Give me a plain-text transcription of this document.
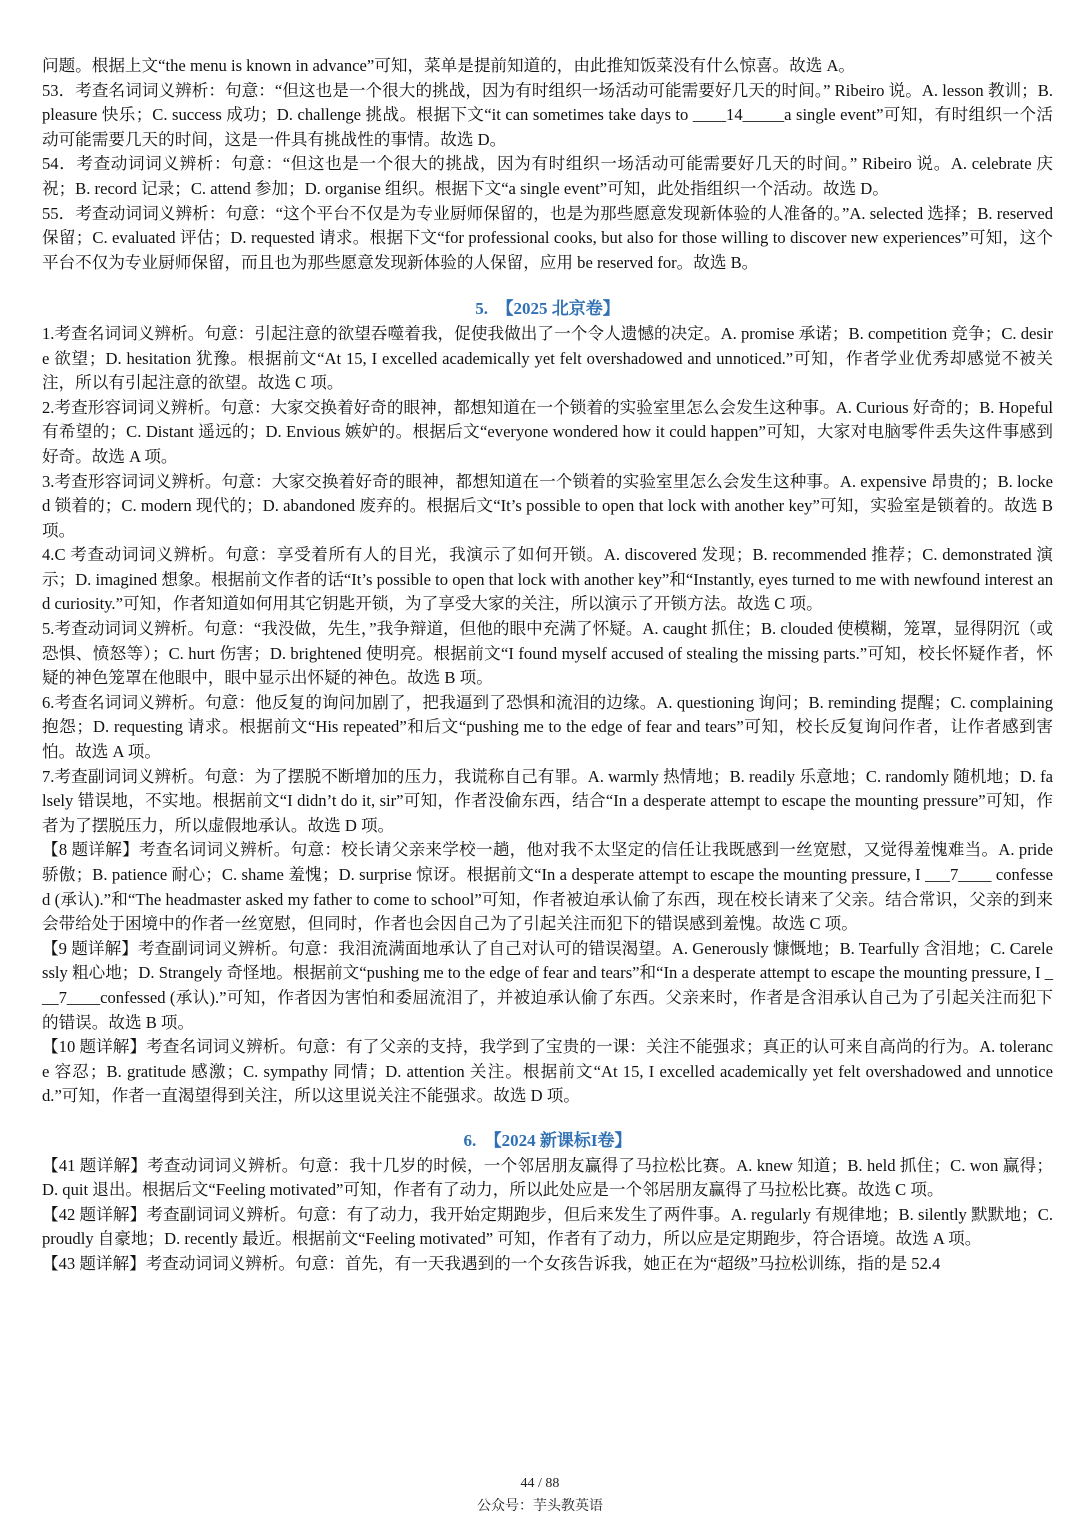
问题。根据上文“the menu is known in advance”可知，菜单是提前知道的，由此推知饭菜没有什么惊喜。故选 A。

53．考查名词词义辨析：句意：“但这也是一个很大的挑战，因为有时组织一场活动可能需要好几天的时间。” Ribeiro 说。A. lesson 教训；B. pleasure 快乐；C. success 成功；D. challenge 挑战。根据下文“it can sometimes take days to ____14_____a single event”可知，有时组织一个活动可能需要几天的时间，这是一件具有挑战性的事情。故选 D。

54．考查动词词义辨析：句意：“但这也是一个很大的挑战，因为有时组织一场活动可能需要好几天的时间。” Ribeiro 说。A. celebrate 庆祝；B. record 记录；C. attend 参加；D. organise 组织。根据下文“a single event”可知，此处指组织一个活动。故选 D。

55．考查动词词义辨析：句意：“这个平台不仅是为专业厨师保留的，也是为那些愿意发现新体验的人准备的。”A. selected 选择；B. reserved 保留；C. evaluated 评估；D. requested 请求。根据下文“for professional cooks, but also for those willing to discover new experiences”可知，这个平台不仅为专业厨师保留，而且也为那些愿意发现新体验的人保留，应用 be reserved for。故选 B。

5.　【2025 北京卷】

1.考查名词词义辨析。句意：引起注意的欲望吞噬着我，促使我做出了一个令人遗憾的决定。A. promise 承诺；B. competition 竞争；C. desire 欲望；D. hesitation 犹豫。根据前文“At 15, I excelled academically yet felt overshadowed and unnoticed.”可知，作者学业优秀却感觉不被关注，所以有引起注意的欲望。故选 C 项。

2.考查形容词词义辨析。句意：大家交换着好奇的眼神，都想知道在一个锁着的实验室里怎么会发生这种事。A. Curious 好奇的；B. Hopeful 有希望的；C. Distant 遥远的；D. Envious 嫉妒的。根据后文“everyone wondered how it could happen”可知，大家对电脑零件丢失这件事感到好奇。故选 A 项。

3.考查形容词词义辨析。句意：大家交换着好奇的眼神，都想知道在一个锁着的实验室里怎么会发生这种事。A. expensive 昂贵的；B. locked 锁着的；C. modern 现代的；D. abandoned 废弃的。根据后文“It’s possible to open that lock with another key”可知，实验室是锁着的。故选 B 项。

4.C 考查动词词义辨析。句意：享受着所有人的目光，我演示了如何开锁。A. discovered 发现；B. recommended 推荐；C. demonstrated 演示；D. imagined 想象。根据前文作者的话“It’s possible to open that lock with another key”和“Instantly, eyes turned to me with newfound interest and curiosity.”可知，作者知道如何用其它钥匙开锁，为了享受大家的关注，所以演示了开锁方法。故选 C 项。

5.考查动词词义辨析。句意：“我没做，先生，”我争辩道，但他的眼中充满了怀疑。A. caught 抓住；B. clouded 使模糊，笼罩，显得阴沉（或恐惧、愤怒等）；C. hurt 伤害；D. brightened 使明亮。根据前文“I found myself accused of stealing the missing parts.”可知，校长怀疑作者，怀疑的神色笼罩在他眼中，眼中显示出怀疑的神色。故选 B 项。

6.考查名词词义辨析。句意：他反复的询问加剧了，把我逼到了恐惧和流泪的边缘。A. questioning 询问；B. reminding 提醒；C. complaining 抱怨；D. requesting 请求。根据前文“His repeated”和后文“pushing me to the edge of fear and tears”可知，校长反复询问作者，让作者感到害怕。故选 A 项。

7.考查副词词义辨析。句意：为了摆脱不断增加的压力，我谎称自己有罪。A. warmly 热情地；B. readily 乐意地；C. randomly 随机地；D. falsely 错误地，不实地。根据前文“I didn’t do it, sir”可知，作者没偷东西，结合“In a desperate attempt to escape the mounting pressure”可知，作者为了摆脱压力，所以虚假地承认。故选 D 项。

【8 题详解】考查名词词义辨析。句意：校长请父亲来学校一趟，他对我不太坚定的信任让我既感到一丝宽慰，又觉得羞愧难当。A. pride 骄傲；B. patience 耐心；C. shame 羞愧；D. surprise 惊讶。根据前文“In a desperate attempt to escape the mounting pressure, I ___7____ confessed (承认).”和“The headmaster asked my father to come to school”可知，作者被迫承认偷了东西，现在校长请来了父亲。结合常识，父亲的到来会带给处于困境中的作者一丝宽慰，但同时，作者也会因自己为了引起关注而犯下的错误感到羞愧。故选 C 项。

【9 题详解】考查副词词义辨析。句意：我泪流满面地承认了自己对认可的错误渴望。A. Generously 慷慨地；B. Tearfully 含泪地；C. Carelessly 粗心地；D. Strangely 奇怪地。根据前文“pushing me to the edge of fear and tears”和“In a desperate attempt to escape the mounting pressure, I ___7____confessed (承认).”可知，作者因为害怕和委屈流泪了，并被迫承认偷了东西。父亲来时，作者是含泪承认自己为了引起关注而犯下的错误。故选 B 项。

【10 题详解】考查名词词义辨析。句意：有了父亲的支持，我学到了宝贵的一课：关注不能强求；真正的认可来自高尚的行为。A. tolerance 容忍；B. gratitude 感激；C. sympathy 同情；D. attention 关注。根据前文“At 15, I excelled academically yet felt overshadowed and unnoticed.”可知，作者一直渴望得到关注，所以这里说关注不能强求。故选 D 项。

6.　【2024 新课标I卷】

【41 题详解】考查动词词义辨析。句意：我十几岁的时候，一个邻居朋友赢得了马拉松比赛。A. knew 知道；B. held 抓住；C. won 赢得；D. quit 退出。根据后文“Feeling motivated”可知，作者有了动力，所以此处应是一个邻居朋友赢得了马拉松比赛。故选 C 项。

【42 题详解】考查副词词义辨析。句意：有了动力，我开始定期跑步，但后来发生了两件事。A. regularly 有规律地；B. silently 默默地；C. proudly 自豪地；D. recently 最近。根据前文“Feeling motivated” 可知，作者有了动力，所以应是定期跑步，符合语境。故选 A 项。

【43 题详解】考查动词词义辨析。句意：首先，有一天我遇到的一个女孩告诉我，她正在为“超级”马拉松训练，指的是 52.4

44 / 88
公众号：芋头教英语
